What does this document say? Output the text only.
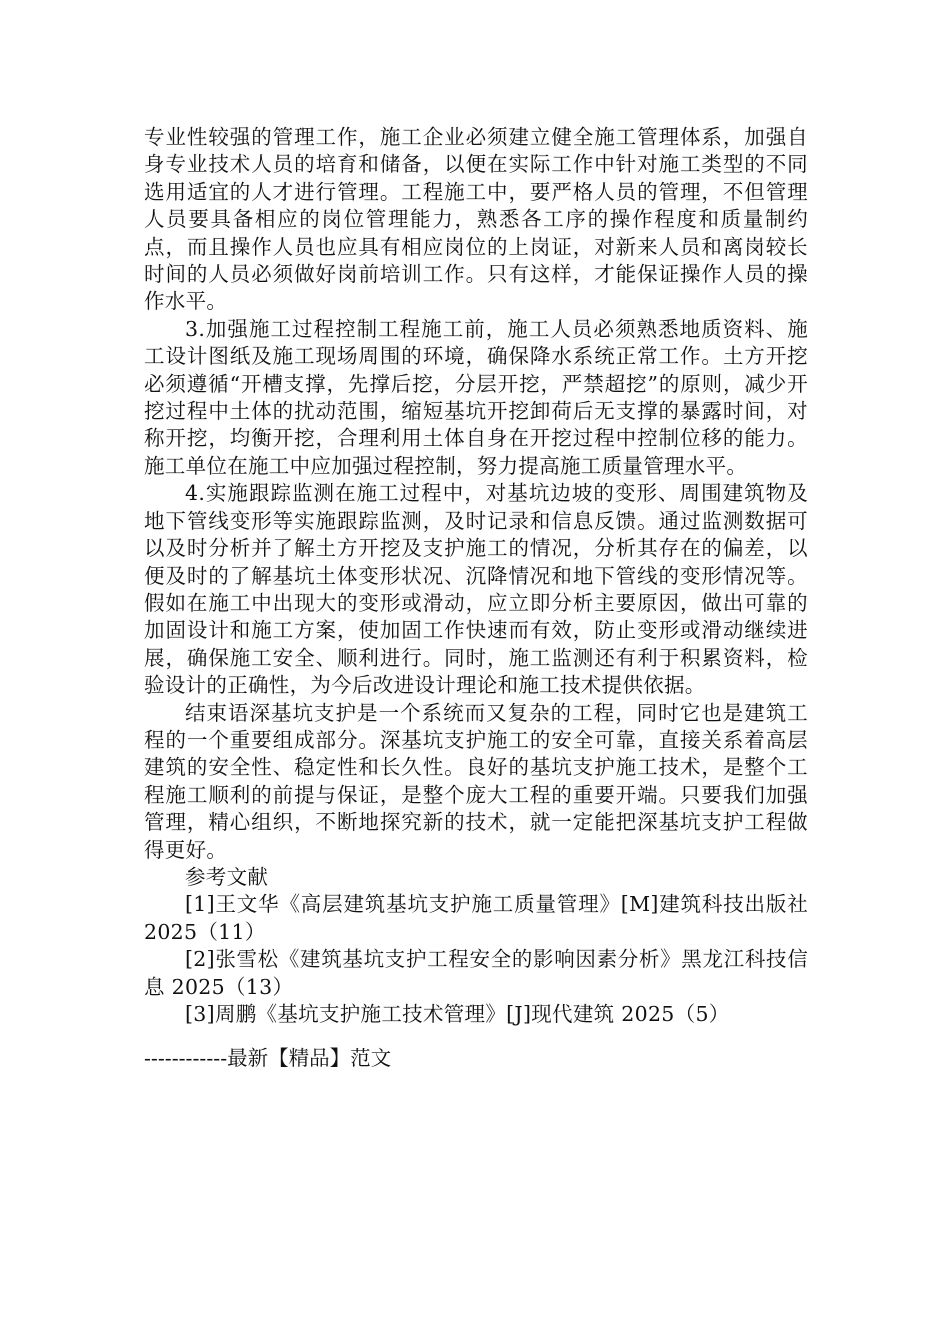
专业性较强的管理工作，施工企业必须建立健全施工管理体系，加强自身专业技术人员的培育和储备，以便在实际工作中针对施工类型的不同选用适宜的人才进行管理。工程施工中，要严格人员的管理，不但管理人员要具备相应的岗位管理能力，熟悉各工序的操作程度和质量制约点，而且操作人员也应具有相应岗位的上岗证，对新来人员和离岗较长时间的人员必须做好岗前培训工作。只有这样，才能保证操作人员的操作水平。

3.加强施工过程控制工程施工前，施工人员必须熟悉地质资料、施工设计图纸及施工现场周围的环境，确保降水系统正常工作。土方开挖必须遵循“开槽支撑，先撑后挖，分层开挖，严禁超挖”的原则，减少开挖过程中土体的扰动范围，缩短基坑开挖卸荷后无支撑的暴露时间，对称开挖，均衡开挖，合理利用土体自身在开挖过程中控制位移的能力。施工单位在施工中应加强过程控制，努力提高施工质量管理水平。

4.实施跟踪监测在施工过程中，对基坑边坡的变形、周围建筑物及地下管线变形等实施跟踪监测，及时记录和信息反馈。通过监测数据可以及时分析并了解土方开挖及支护施工的情况，分析其存在的偏差，以便及时的了解基坑土体变形状况、沉降情况和地下管线的变形情况等。假如在施工中出现大的变形或滑动，应立即分析主要原因，做出可靠的加固设计和施工方案，使加固工作快速而有效，防止变形或滑动继续进展，确保施工安全、顺利进行。同时，施工监测还有利于积累资料，检验设计的正确性，为今后改进设计理论和施工技术提供依据。

结束语深基坑支护是一个系统而又复杂的工程，同时它也是建筑工程的一个重要组成部分。深基坑支护施工的安全可靠，直接关系着高层建筑的安全性、稳定性和长久性。良好的基坑支护施工技术，是整个工程施工顺利的前提与保证，是整个庞大工程的重要开端。只要我们加强管理，精心组织，不断地探究新的技术，就一定能把深基坑支护工程做得更好。

参考文献

[1]王文华《高层建筑基坑支护施工质量管理》[M]建筑科技出版社 2025（11）

[2]张雪松《建筑基坑支护工程安全的影响因素分析》黑龙江科技信息 2025（13）

[3]周鹏《基坑支护施工技术管理》[J]现代建筑 2025（5）

------------最新【精品】范文
